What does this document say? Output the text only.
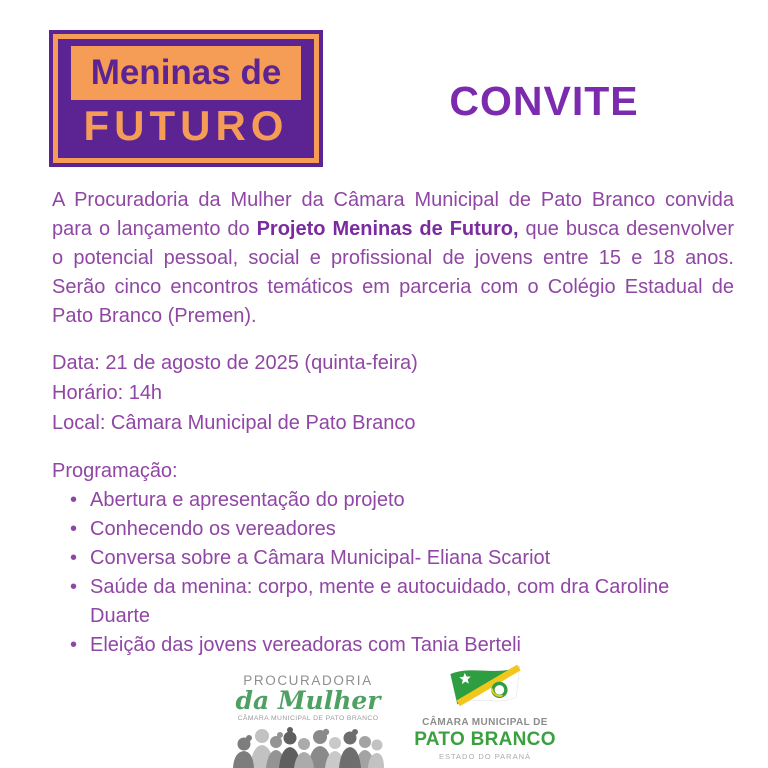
Meninas de
FUTURO
CONVITE

A Procuradoria da Mulher da Câmara Municipal de Pato Branco convida para o lançamento do Projeto Meninas de Futuro, que busca desenvolver o potencial pessoal, social e profissional de jovens entre 15 e 18 anos. Serão cinco encontros temáticos em parceria com o Colégio Estadual de Pato Branco (Premen).

Data: 21 de agosto de 2025 (quinta-feira)
Horário: 14h
Local: Câmara Municipal de Pato Branco
Programação:
• Abertura e apresentação do projeto
• Conhecendo os vereadores
• Conversa sobre a Câmara Municipal- Eliana Scariot
• Saúde da menina: corpo, mente e autocuidado, com dra Caroline Duarte
• Eleição das jovens vereadoras com Tania Berteli
PROCURADORIA
da Mulher
CÂMARA MUNICIPAL DE PATO BRANCO	CÂMARA MUNICIPAL DE
PATO BRANCO
ESTADO DO PARANÁ
